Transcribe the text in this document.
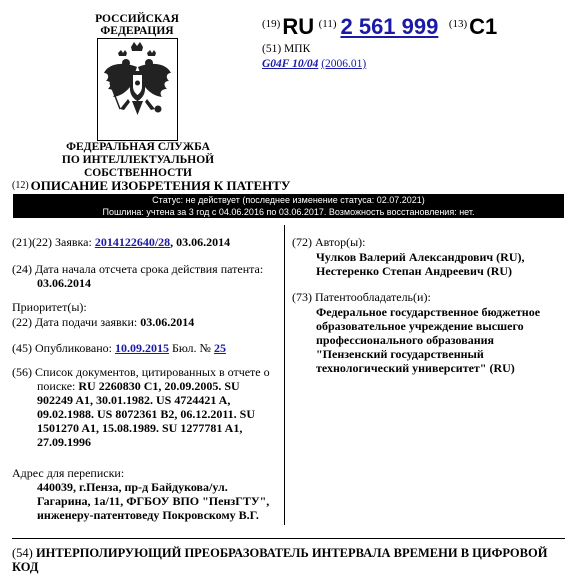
РОССИЙСКАЯ ФЕДЕРАЦИЯ
ФЕДЕРАЛЬНАЯ СЛУЖБА
ПО ИНТЕЛЛЕКТУАЛЬНОЙ СОБСТВЕННОСТИ
$^{(19)}$RU $^{(11)}$ 2 561 999 $^{(13)}$C1
(51) МПК
G04F 10/04 (2006.01)
(12) ОПИСАНИЕ ИЗОБРЕТЕНИЯ К ПАТЕНТУ
Статус: не действует (последнее изменение статуса: 02.07.2021)
Пошлина: учтена за 3 год с 04.06.2016 по 03.06.2017. Возможность восстановления: нет.
(21)(22) Заявка: 2014122640/28, 03.06.2014
(24) Дата начала отсчета срока действия патента:
03.06.2014
Приоритет(ы):
(22) Дата подачи заявки: 03.06.2014
(45) Опубликовано: 10.09.2015 Бюл. № 25
(56) Список документов, цитированных в отчете о
поиске: RU 2260830 C1, 20.09.2005. SU
902249 A1, 30.01.1982. US 4724421 A,
09.02.1988. US 8072361 B2, 06.12.2011. SU
1501270 A1, 15.08.1989. SU 1277781 A1,
27.09.1996
Адрес для переписки:
440039, г.Пенза, пр-д Байдукова/ул.
Гагарина, 1а/11, ФГБОУ ВПО "ПензГТУ",
инженеру-патентоведу Покровскому В.Г.
(72) Автор(ы):
Чулков Валерий Александрович (RU),
Нестеренко Степан Андреевич (RU)
(73) Патентообладатель(и):
Федеральное государственное бюджетное
образовательное учреждение высшего
профессионального образования
"Пензенский государственный
технологический университет" (RU)
(54) ИНТЕРПОЛИРУЮЩИЙ ПРЕОБРАЗОВАТЕЛЬ ИНТЕРВАЛА ВРЕМЕНИ В ЦИФРОВОЙ
КОД
